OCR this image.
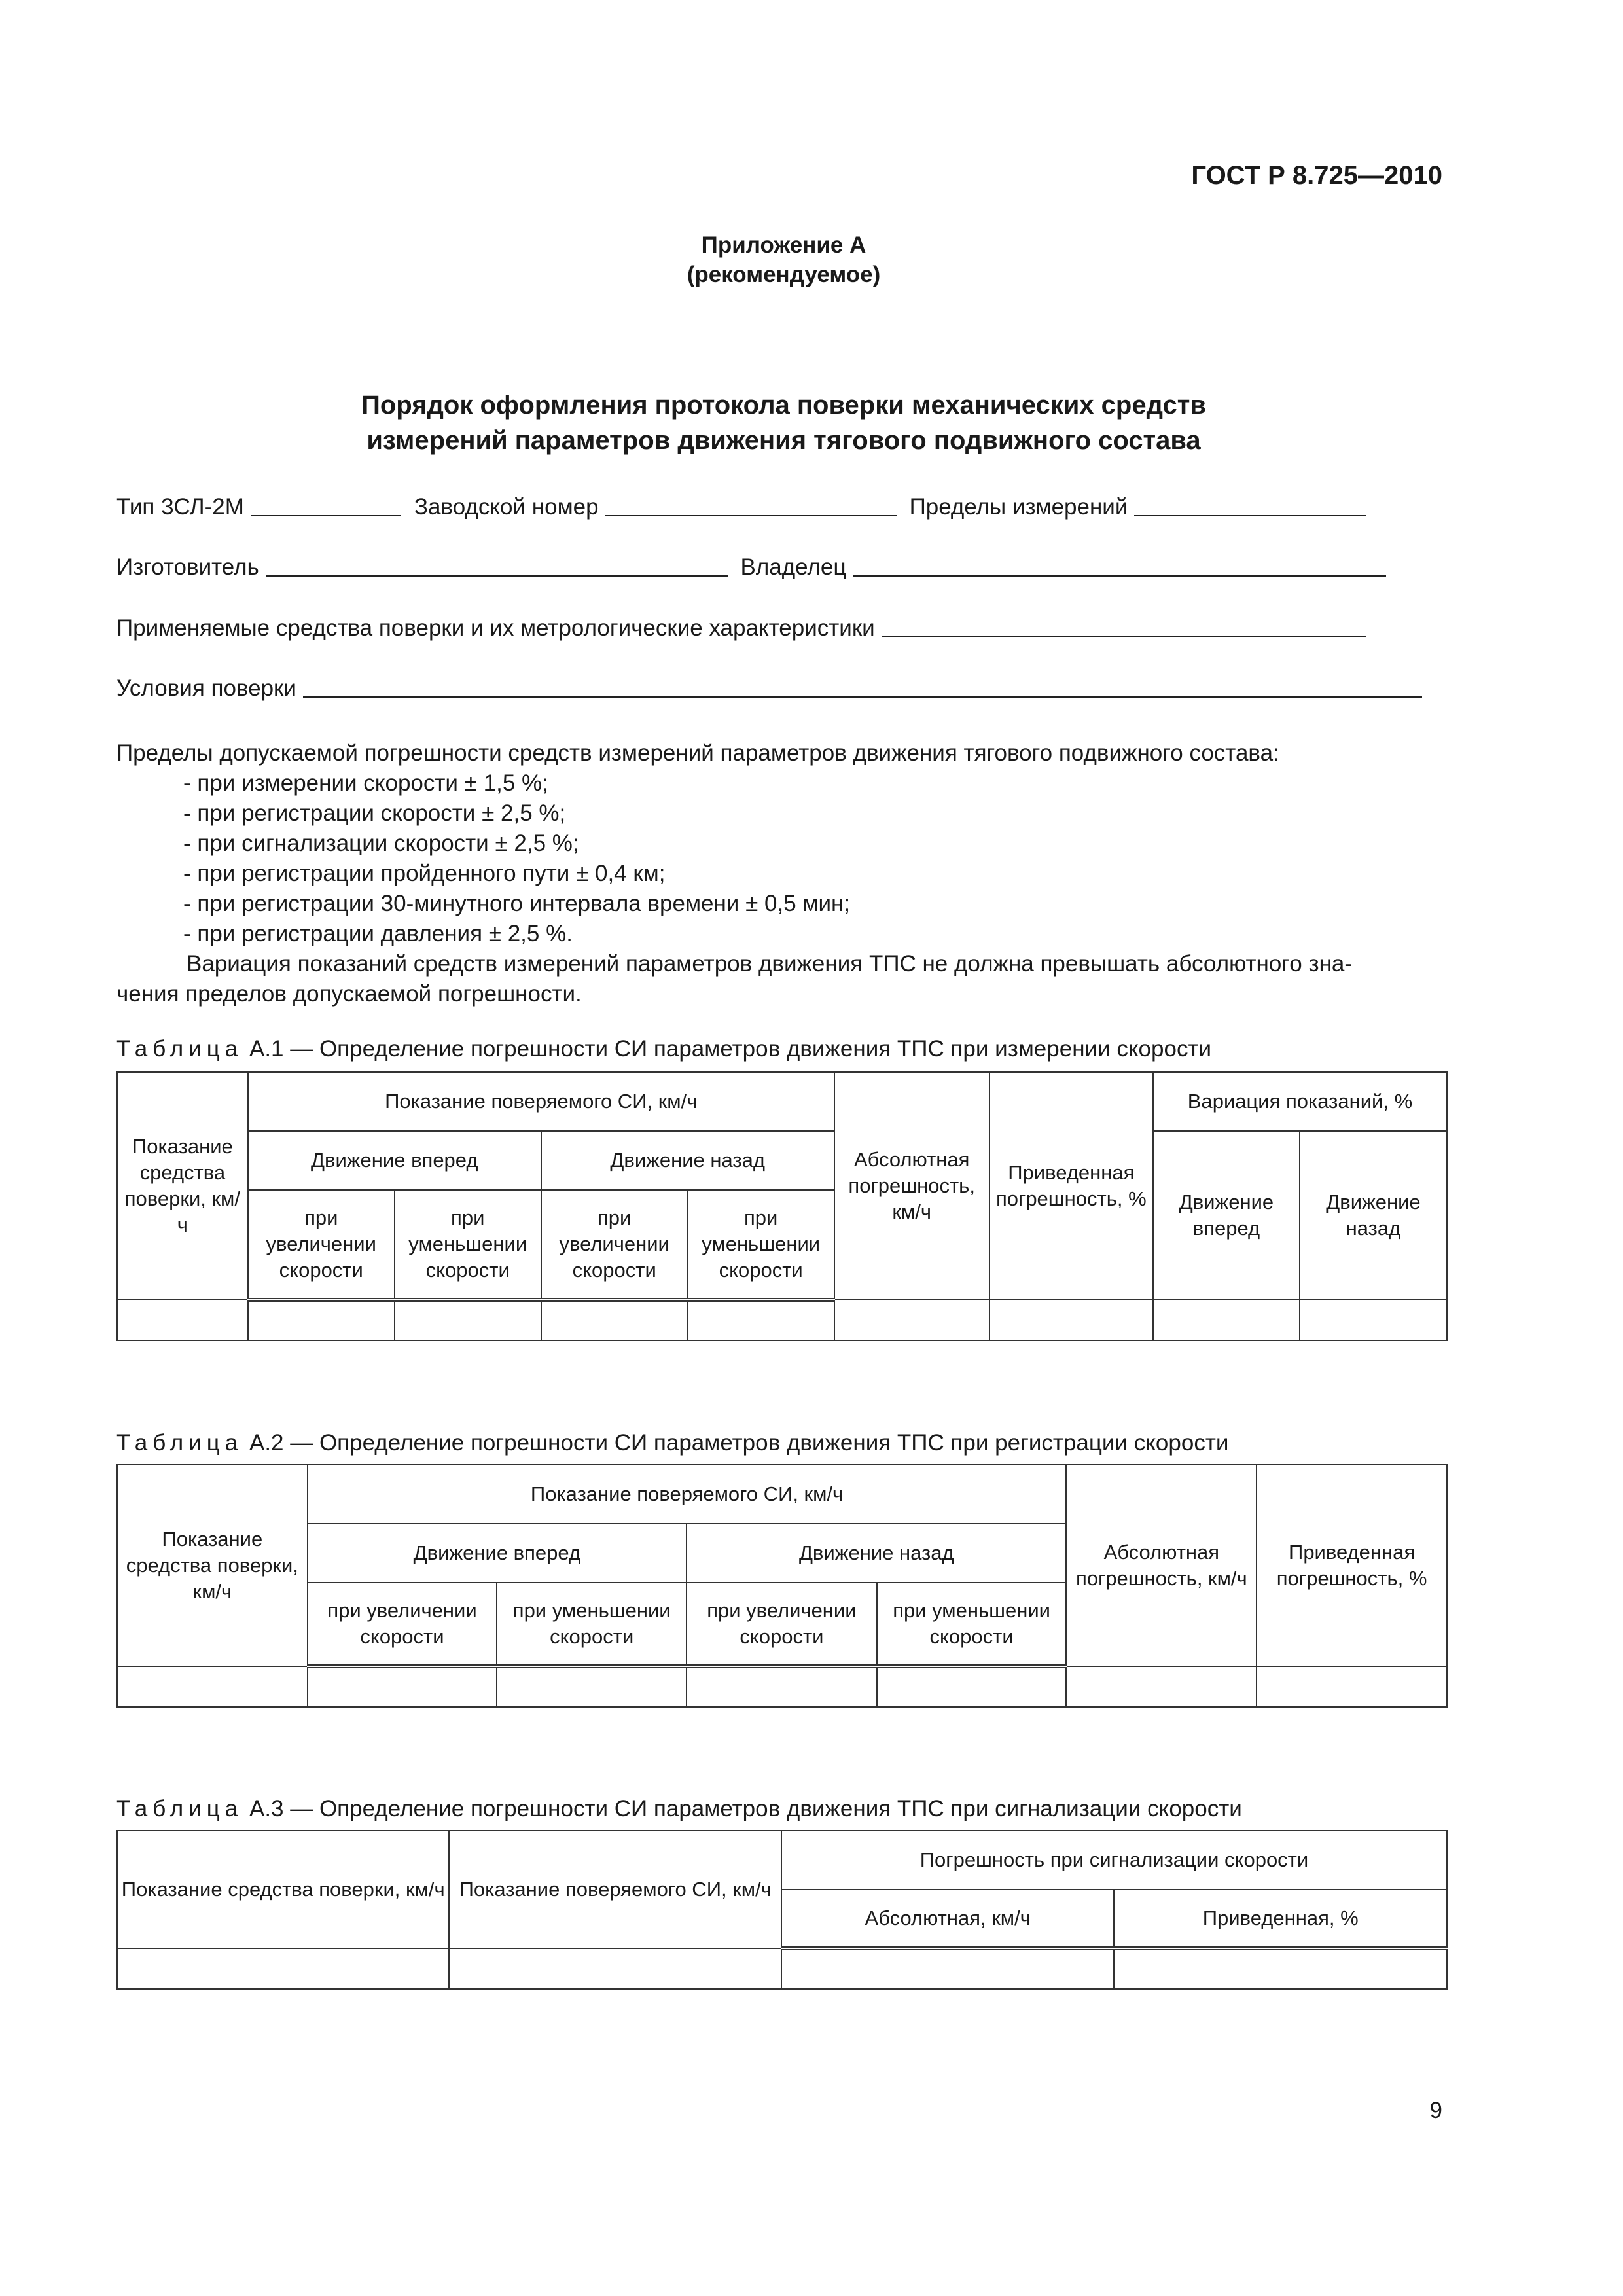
ГОСТ Р 8.725—2010
Приложение А
(рекомендуемое)
Порядок оформления протокола поверки механических средств
измерений параметров движения тягового подвижного состава
Тип 3СЛ-2М	Заводской номер	Пределы измерений
Изготовитель	Владелец
Применяемые средства поверки и их метрологические характеристики
Условия поверки
Пределы допускаемой погрешности средств измерений параметров движения тягового подвижного состава:
- при измерении скорости ± 1,5 %;
- при регистрации скорости ± 2,5 %;
- при сигнализации скорости ± 2,5 %;
- при регистрации пройденного пути ± 0,4 км;
- при регистрации 30-минутного интервала времени ± 0,5 мин;
- при регистрации давления ± 2,5 %.
Вариация показаний средств измерений параметров движения ТПС не должна превышать абсолютного зна-
чения пределов допускаемой погрешности.
Таблица А.1 — Определение погрешности СИ параметров движения ТПС при измерении скорости
Показание средства поверки, км/ч	Показание поверяемого СИ, км/ч				Абсолютная погрешность, км/ч	Приведенная погрешность, %	Вариация показаний, %	
	Движение вперед		Движение назад				Движение вперед	Движение назад
	при увеличении скорости	при уменьшении скорости	при увеличении скорости	при уменьшении скорости				

Таблица А.2 — Определение погрешности СИ параметров движения ТПС при регистрации скорости
Показание средства поверки, км/ч	Показание поверяемого СИ, км/ч				Абсолютная погрешность, км/ч	Приведенная погрешность, %
	Движение вперед		Движение назад			
	при увеличении скорости	при уменьшении скорости	при увеличении скорости	при уменьшении скорости		

Таблица А.3 — Определение погрешности СИ параметров движения ТПС при сигнализации скорости
Показание средства поверки, км/ч	Показание поверяемого СИ, км/ч	Погрешность при сигнализации скорости	
		Абсолютная, км/ч	Приведенная, %

9
